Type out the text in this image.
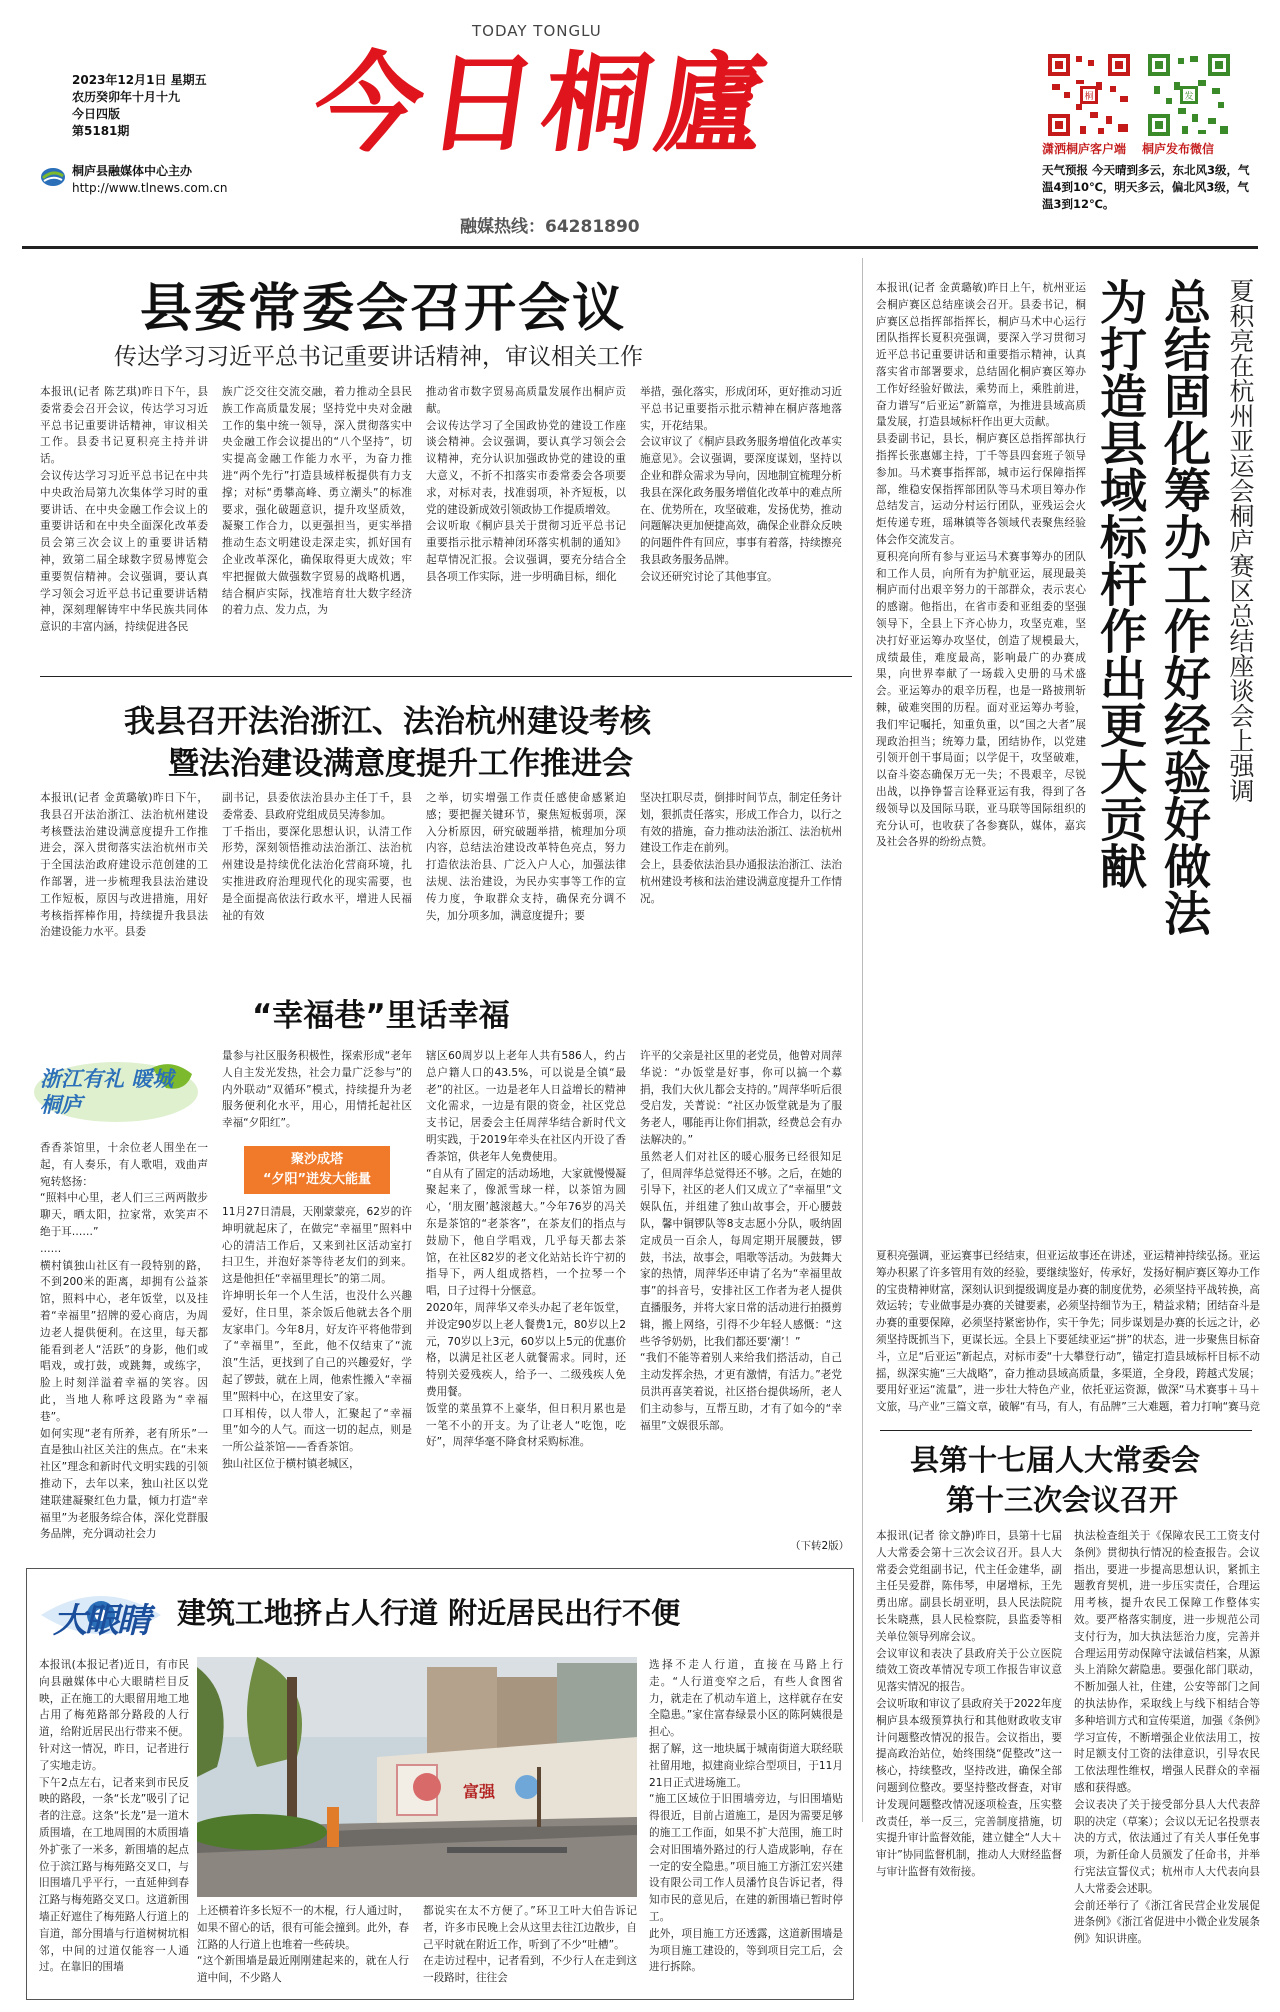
TODAY TONGLU
2023年12月1日 星期五
农历癸卯年十月十九
今日四版
第5181期
桐庐县融媒体中心主办
http://www.tlnews.com.cn
今日桐廬
融媒热线：64281890
桐	发
潇洒桐庐客户端 桐庐发布微信
天气预报 今天晴到多云，东北风3级，气温4到10℃，明天多云，偏北风3级，气温3到12℃。
县委常委会召开会议
传达学习习近平总书记重要讲话精神，审议相关工作
本报讯(记者 陈艺琪)昨日下午，县委常委会召开会议，传达学习习近平总书记重要讲话精神，审议相关工作。县委书记夏积亮主持并讲话。
会议传达学习习近平总书记在中共中央政治局第九次集体学习时的重要讲话、在中央金融工作会议上的重要讲话和在中央全面深化改革委员会第三次会议上的重要讲话精神，致第二届全球数字贸易博览会重要贺信精神。会议强调，要认真学习领会习近平总书记重要讲话精神，深刻理解铸牢中华民族共同体意识的丰富内涵，持续促进各民
族广泛交往交流交融，着力推动全县民族工作高质量发展；坚持党中央对金融工作的集中统一领导，深入贯彻落实中央金融工作会议提出的“八个坚持”，切实提高金融工作能力水平，为奋力推进“两个先行”打造县域样板提供有力支撑；对标“勇攀高峰、勇立潮头”的标准要求，强化破题意识，提升攻坚质效，凝聚工作合力，以更强担当，更实举措推动生态文明建设走深走实，抓好国有企业改革深化，确保取得更大成效；牢牢把握做大做强数字贸易的战略机遇，结合桐庐实际，找准培育壮大数字经济的着力点、发力点，为
推动省市数字贸易高质量发展作出桐庐贡献。
会议传达学习了全国政协党的建设工作座谈会精神。会议强调，要认真学习领会会议精神，充分认识加强政协党的建设的重大意义，不折不扣落实市委常委会各项要求，对标对表，找准弱项，补齐短板，以党的建设新成效引领政协工作提质增效。
会议听取《桐庐县关于贯彻习近平总书记重要指示批示精神闭环落实机制的通知》起草情况汇报。会议强调，要充分结合全县各项工作实际，进一步明确目标，细化
举措，强化落实，形成闭环，更好推动习近平总书记重要指示批示精神在桐庐落地落实，开花结果。
会议审议了《桐庐县政务服务增值化改革实施意见》。会议强调，要深度谋划，坚持以企业和群众需求为导向，因地制宜梳理分析我县在深化政务服务增值化改革中的难点所在、优势所在，攻坚破难，发扬优势，推动问题解决更加便捷高效，确保企业群众反映的问题件件有回应，事事有着落，持续擦亮我县政务服务品牌。
会议还研究讨论了其他事宜。
我县召开法治浙江、法治杭州建设考核
暨法治建设满意度提升工作推进会
本报讯(记者 金黄璐敏)昨日下午，我县召开法治浙江、法治杭州建设考核暨法治建设满意度提升工作推进会，深入贯彻落实法治杭州市关于全国法治政府建设示范创建的工作部署，进一步梳理我县法治建设工作短板，原因与改进措施，用好考核指挥棒作用，持续提升我县法治建设能力水平。县委
副书记，县委依法治县办主任丁千，县委常委、县政府党组成员吴涛参加。
丁千指出，要深化思想认识，认清工作形势，深刻领悟推动法治浙江、法治杭州建设是持续优化法治化营商环境，扎实推进政府治理现代化的现实需要，也是全面提高依法行政水平，增进人民福祉的有效
之举，切实增强工作责任感使命感紧迫感；要把握关键环节，聚焦短板弱项，深入分析原因，研究破题举措，梳理加分项内容，总结法治建设改革特色亮点，努力打造依法治县、广泛入户人心，加强法律法规、法治建设，为民办实事等工作的宣传力度，争取群众支持，确保充分调不失，加分项多加，满意度提升；要
坚决扛职尽责，倒排时间节点，制定任务计划，狠抓责任落实，形成工作合力，以行之有效的措施，奋力推动法治浙江、法治杭州建设工作走在前列。
会上，县委依法治县办通报法治浙江、法治杭州建设考核和法治建设满意度提升工作情况。
“幸福巷”里话幸福
浙江有礼 暖城桐庐
香香茶馆里，十余位老人围坐在一起，有人奏乐，有人歌唱，戏曲声宛转悠扬：
“照料中心里，老人们三三两两散步聊天，晒太阳，拉家常，欢笑声不绝于耳……”
……
横村镇独山社区有一段特别的路，不到200米的距离，却拥有公益茶馆，照料中心，老年饭堂，以及挂着“幸福里”招牌的爱心商店，为周边老人提供便利。在这里，每天都能看到老人“活跃”的身影，他们或唱戏，或打鼓，或跳舞，或练字，脸上时刻洋溢着幸福的笑容。因此，当地人称呼这段路为“幸福巷”。
如何实现“老有所养，老有所乐”一直是独山社区关注的焦点。在“未来社区”理念和新时代文明实践的引领推动下，去年以来，独山社区以党建联建凝聚红色力量，倾力打造“幸福里”为老服务综合体，深化党群服务品牌，充分调动社会力
量参与社区服务积极性，探索形成“老年人自主发光发热，社会力量广泛参与”的内外联动“双循环”模式，持续提升为老服务便利化水平，用心，用情托起社区幸福“夕阳红”。
聚沙成塔
“夕阳”迸发大能量
11月27日清晨，天刚蒙蒙亮，62岁的许坤明就起床了，在做完“幸福里”照料中心的清洁工作后，又来到社区活动室打扫卫生，并泡好茶等待老友们的到来。这是他担任“幸福里理长”的第二周。
许坤明长年一个人生活，也没什么兴趣爱好，住日里，茶余饭后他就去各个朋友家串门。今年8月，好友许平将他带到了“幸福里”，至此，他不仅结束了“流浪”生活，更找到了自己的兴趣爱好，学起了锣鼓，就在上周，他索性搬入“幸福里”照料中心，在这里安了家。
口耳相传，以人带人，汇聚起了“幸福里”如今的人气。而这一切的起点，则是一所公益茶馆——香香茶馆。
独山社区位于横村镇老城区，
辖区60周岁以上老年人共有586人，约占总户籍人口的43.5%，可以说是全镇“最老”的社区。一边是老年人日益增长的精神文化需求，一边是有限的资金，社区党总支书记，居委会主任周萍华结合新时代文明实践，于2019年牵头在社区内开设了香香茶馆，供老年人免费使用。
“自从有了固定的活动场地，大家就慢慢凝聚起来了，像派雪球一样，以茶馆为圆心，‘朋友圈’越滚越大。”今年76岁的冯关东是茶馆的“老茶客”，在茶友们的指点与鼓励下，他自学唱戏，几乎每天都去茶馆，在社区82岁的老文化站站长许宁初的指导下，两人组成搭档，一个拉琴一个唱，日子过得十分惬意。
2020年，周萍华又牵头办起了老年饭堂，并设定90岁以上老人餐费1元，80岁以上2元，70岁以上3元，60岁以上5元的优惠价格，以满足社区老人就餐需求。同时，还特别关爱残疾人，给予一、二级残疾人免费用餐。
饭堂的菜虽算不上豪华，但日积月累也是一笔不小的开支。为了让老人“吃饱，吃好”，周萍华毫不降食材采购标准。
许平的父亲是社区里的老党员，他曾对周萍华说：“办饭堂是好事，你可以搞一个募捐，我们大伙儿都会支持的。”周萍华听后很受启发，关菁说：“社区办饭堂就是为了服务老人，哪能再让你们捐款，经费总会有办法解决的。”
虽然老人们对社区的暖心服务已经很知足了，但周萍华总觉得还不够。之后，在她的引导下，社区的老人们又成立了“幸福里”文娱队伍，并组建了独山故事会，开心腰鼓队，馨中铜锣队等8支志愿小分队，吸纳固定成员一百余人，每周定期开展腰鼓，锣鼓，书法，故事会，唱歌等活动。为鼓舞大家的热情，周萍华还申请了名为“幸福里故事”的抖音号，安排社区工作者为老人提供直播服务，并将大家日常的活动进行拍摄剪辑，搬上网络，引得不少年轻人感慨：“这些爷爷奶奶，比我们都还要‘潮’！”
“我们不能等着别人来给我们搭活动，自己主动发挥余热，才更有激情，有活力。”老党员洪再喜笑着说，社区搭台提供场所，老人们主动参与，互帮互助，才有了如今的“幸福里”文娱很乐部。
（下转2版）
夏积亮在杭州亚运会桐庐赛区总结座谈会上强调
总结固化筹办工作好经验好做法
为打造县域标杆作出更大贡献
本报讯(记者 金黄璐敏)昨日上午，杭州亚运会桐庐赛区总结座谈会召开。县委书记，桐庐赛区总指挥部指挥长，桐庐马术中心运行团队指挥长夏积亮强调，要深入学习贯彻习近平总书记重要讲话和重要指示精神，认真落实省市部署要求，总结固化桐庐赛区筹办工作好经验好做法，乘势而上，乘胜前进，奋力谱写“后亚运”新篇章，为推进县域高质量发展，打造县域标杆作出更大贡献。
县委副书记，县长，桐庐赛区总指挥部执行指挥长张惠娜主持，丁千等县四套班子领导参加。马术赛事指挥部，城市运行保障指挥部，维稳安保指挥部团队等马术项目筹办作总结发言，运动分村运行团队，亚残运会火炬传递专班，瑶琳镇等各领域代表聚焦经验体会作交流发言。
夏积亮向所有参与亚运马术赛事筹办的团队和工作人员，向所有为护航亚运，展现最美桐庐而付出艰辛努力的干部群众，表示衷心的感谢。他指出，在省市委和亚组委的坚强领导下，全县上下齐心协力，攻坚克难，坚决打好亚运筹办攻坚仗，创造了规模最大，成绩最佳，难度最高，影响最广的办赛成果，向世界奉献了一场载入史册的马术盛会。亚运筹办的艰辛历程，也是一路披荆斩棘，破难突围的历程。面对亚运筹办考验，我们牢记嘱托，知重负重，以“国之大者”展现政治担当；统筹力量，团结协作，以党建引领开创干事局面；以学促干，攻坚破难，以奋斗姿态确保万无一失；不畏艰辛，尽锐出战，以挣铮誓言诠释亚运有我，得到了各级领导以及国际马联，亚马联等国际组织的充分认可，也收获了各参赛队，媒体，嘉宾及社会各界的纷纷点赞。
夏积亮强调，亚运赛事已经结束，但亚运故事还在讲述，亚运精神持续弘扬。亚运筹办积累了许多管用有效的经验，要继续鉴好，传承好，发扬好桐庐赛区筹办工作的宝贵精神财富，深刻认识到提级调度是办赛的制度优势，必须坚持平战转换，高效运转；专业做事是办赛的关键要素，必须坚持细节为王，精益求精；团结奋斗是办赛的重要保障，必须坚持紧密协作，实干争先；同步谋划是办赛的长远之计，必须坚持既抓当下，更谋长远。全县上下要延续亚运“拼”的状态，进一步聚焦目标奋斗，立足“后亚运”新起点，对标市委“十大攀登行动”，锚定打造县域标杆目标不动摇，纵深实施“三大战略”，奋力推动县域高质量，多渠道，全身段，跨越式发展；要用好亚运“流量”，进一步壮大特色产业，依托亚运资源，做深“马术赛事＋马＋文旅，马产业”三篇文章，破解“有马，有人，有品牌”三大难题，着力打响“赛马竞
县第十七届人大常委会
第十三次会议召开
本报讯(记者 徐文静)昨日，县第十七届人大常委会第十三次会议召开。县人大常委会党组副书记，代主任金建华，副主任吴爱群，陈伟琴，申屠增标，王先勇出席。副县长胡亚明，县人民法院院长朱晓燕，县人民检察院，县监委等相关单位领导列席会议。
会议审议和表决了县政府关于公立医院绩效工资改革情况专项工作报告审议意见落实情况的报告。
会议听取和审议了县政府关于2022年度桐庐县本级预算执行和其他财政收支审计问题整改情况的报告。会议指出，要提高政治站位，始终围绕“促整改”这一核心，持续整改，坚持改进，确保全部问题到位整改。要坚持整改督查，对审计发现问题整改情况逐项检查，压实整改责任，举一反三，完善制度措施，切实提升审计监督效能，建立健全“人大＋审计”协同监督机制，推动人大财经监督与审计监督有效衔接。
执法检查组关于《保障农民工工资支付条例》贯彻执行情况的检查报告。会议指出，要进一步提高思想认识，紧抓主题教育契机，进一步压实责任，合理运用考核，提升农民工保障工作整体实效。要严格落实制度，进一步规范公司支付行为，加大执法惩治力度，完善并合理运用劳动保障守法诚信档案，从源头上消除欠薪隐患。要强化部门联动，不断加强人社，住建，公安等部门之间的执法协作，采取线上与线下相结合等多种培训方式和宣传渠道，加强《条例》学习宣传，不断增强企业依法用工，按时足额支付工资的法律意识，引导农民工依法理性维权，增强人民群众的幸福感和获得感。
会议表决了关于接受部分县人大代表辞职的决定（草案）；会议以无记名投票表决的方式，依法通过了有关人事任免事项，为新任命人员颁发了任命书，并举行宪法宣誓仪式；杭州市人大代表向县人大常委会述职。
会前还举行了《浙江省民营企业发展促进条例》《浙江省促进中小微企业发展条例》知识讲座。
大眼睛 建筑工地挤占人行道 附近居民出行不便
本报讯(本报记者)近日，有市民向县融媒体中心大眼睛栏目反映，正在施工的大眼留用地工地占用了梅苑路部分路段的人行道，给附近居民出行带来不便。针对这一情况，昨日，记者进行了实地走访。
下午2点左右，记者来到市民反映的路段，一条“长龙”吸引了记者的注意。这条“长龙”是一道木质围墙，在工地周围的木质围墙外扩张了一米多，新围墙的起点位于滨江路与梅苑路交叉口，与旧围墙几乎平行，一直延伸到春江路与梅苑路交叉口。这道新围墙正好遮住了梅苑路人行道上的盲道，部分围墙与行道树树坑相邻，中间的过道仅能容一人通过。在靠旧的围墙
富强
上还横着许多长短不一的木棍，行人通过时，如果不留心的话，很有可能会撞到。此外，春江路的人行道上也堆着一些砖块。
“这个新围墙是最近刚刚建起来的，就在人行道中间，不少路人
都说实在太不方便了。”环卫工叶大伯告诉记者，许多市民晚上会从这里去往江边散步，自己平时就在附近工作，听到了不少“吐槽”。
在走访过程中，记者看到，不少行人在走到这一段路时，往往会
选择不走人行道，直接在马路上行走。“人行道变窄之后，有些人食图省力，就走在了机动车道上，这样就存在安全隐患。”家住富春绿景小区的陈阿姨很是担心。
据了解，这一地块属于城南街道大联经联社留用地，拟建商业综合型项目，于11月21日正式进场施工。
“施工区域位于旧围墙旁边，与旧围墙贴得很近，目前占道施工，是因为需要足够的施工工作面，如果不扩大范围，施工时会对旧围墙外路过的行人造成影响，存在一定的安全隐患。”项目施工方浙江宏兴建设有限公司工作人员潘竹良告诉记者，得知市民的意见后，在建的新围墙已暂时停工。
此外，项目施工方还透露，这道新围墙是为项目施工建设的，等到项目完工后，会进行拆除。
